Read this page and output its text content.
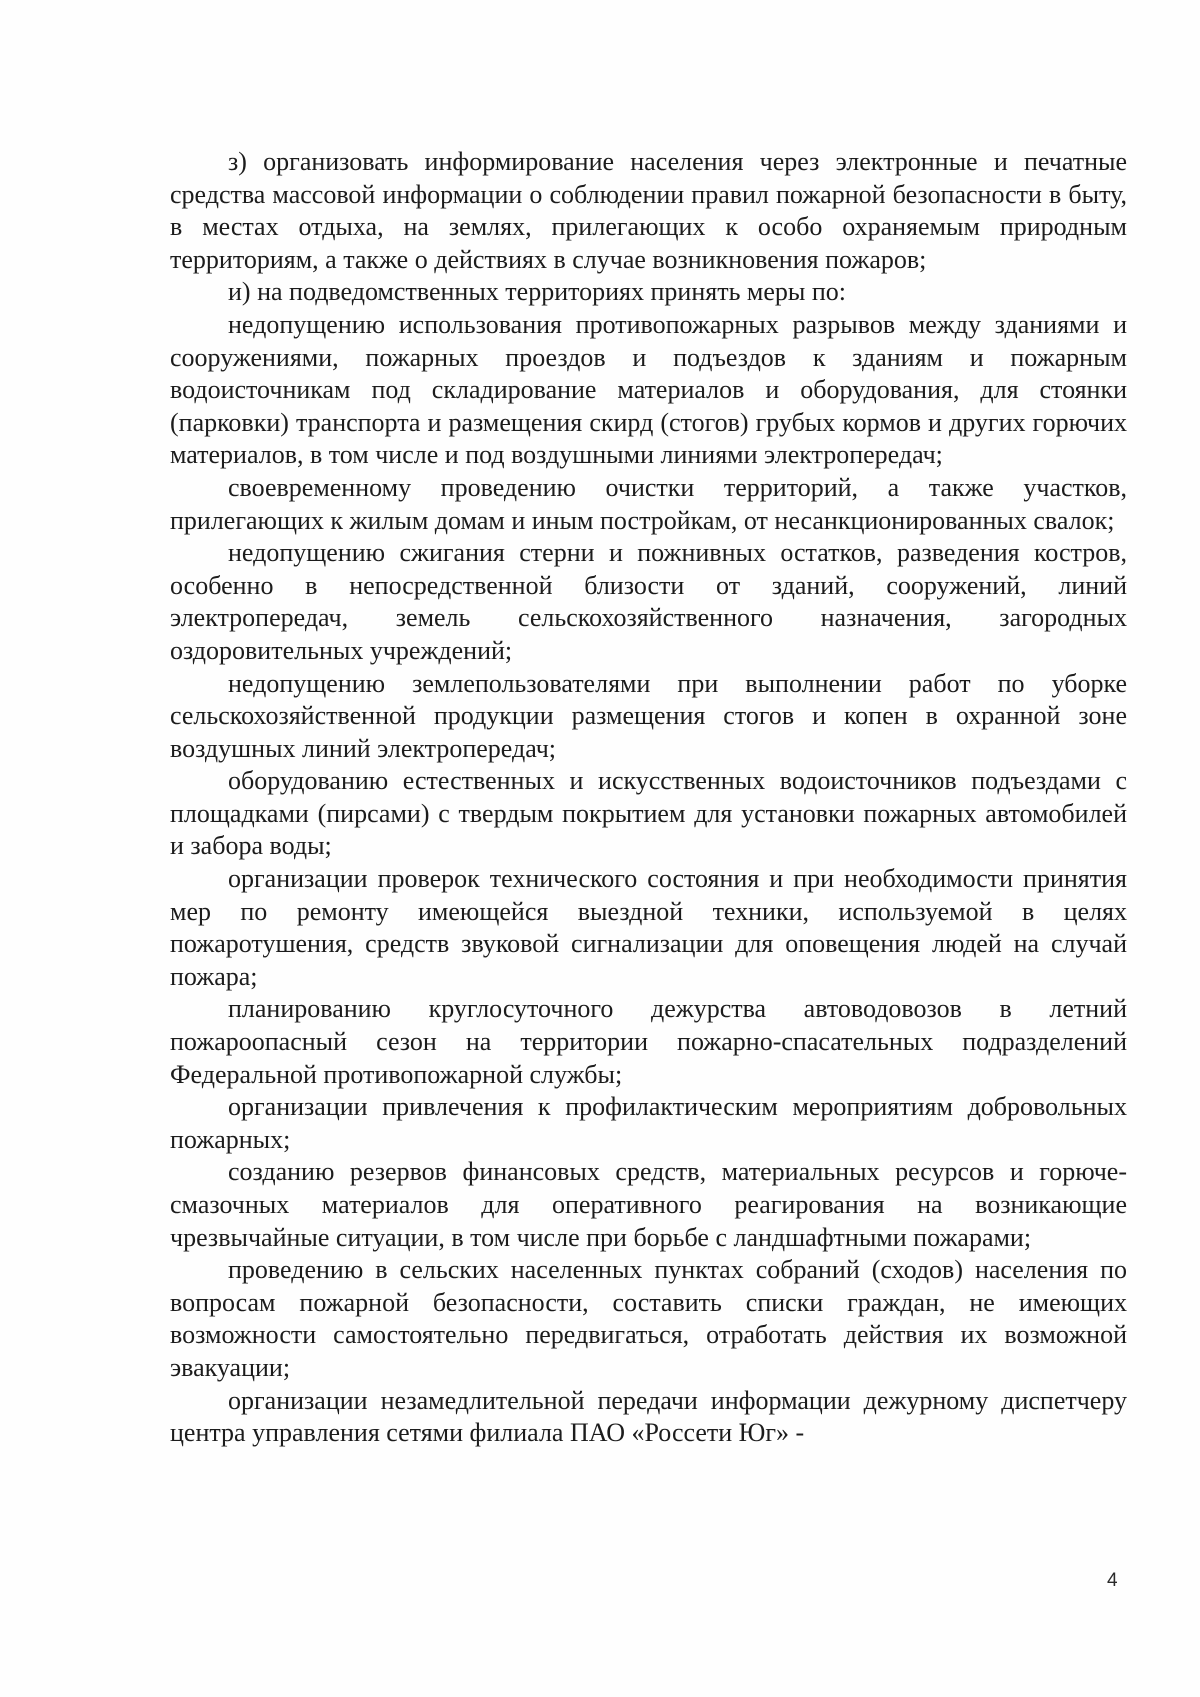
з) организовать информирование населения через электронные и печатные средства массовой информации о соблюдении правил пожарной безопасности в быту, в местах отдыха, на землях, прилегающих к особо охраняемым природным территориям, а также о действиях в случае возникновения пожаров;

и) на подведомственных территориях принять меры по:

недопущению использования противопожарных разрывов между зданиями и сооружениями, пожарных проездов и подъездов к зданиям и пожарным водоисточникам под складирование материалов и оборудования, для стоянки (парковки) транспорта и размещения скирд (стогов) грубых кормов и других горючих материалов, в том числе и под воздушными линиями электропередач;

своевременному проведению очистки территорий, а также участков, прилегающих к жилым домам и иным постройкам, от несанкционированных свалок;

недопущению сжигания стерни и пожнивных остатков, разведения костров, особенно в непосредственной близости от зданий, сооружений, линий электропередач, земель сельскохозяйственного назначения, загородных оздоровительных учреждений;

недопущению землепользователями при выполнении работ по уборке сельскохозяйственной продукции размещения стогов и копен в охранной зоне воздушных линий электропередач;

оборудованию естественных и искусственных водоисточников подъездами с площадками (пирсами) с твердым покрытием для установки пожарных автомобилей и забора воды;

организации проверок технического состояния и при необходимости принятия мер по ремонту имеющейся выездной техники, используемой в целях пожаротушения, средств звуковой сигнализации для оповещения людей на случай пожара;

планированию круглосуточного дежурства автоводовозов в летний пожароопасный сезон на территории пожарно-спасательных подразделений Федеральной противопожарной службы;

организации привлечения к профилактическим мероприятиям добровольных пожарных;

созданию резервов финансовых средств, материальных ресурсов и горюче-смазочных материалов для оперативного реагирования на возникающие чрезвычайные ситуации, в том числе при борьбе с ландшафтными пожарами;

проведению в сельских населенных пунктах собраний (сходов) населения по вопросам пожарной безопасности, составить списки граждан, не имеющих возможности самостоятельно передвигаться, отработать действия их возможной эвакуации;

организации незамедлительной передачи информации дежурному диспетчеру центра управления сетями филиала ПАО «Россети Юг» -

4
